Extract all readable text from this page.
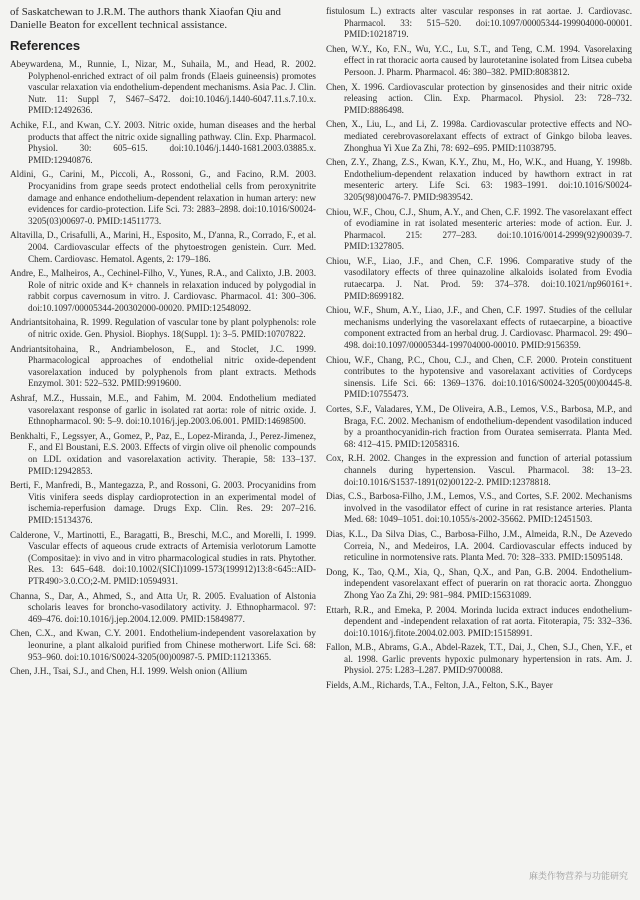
of Saskatchewan to J.R.M. The authors thank Xiaofan Qiu and Danielle Beaton for excellent technical assistance.

References

Abeywardena, M., Runnie, I., Nizar, M., Suhaila, M., and Head, R. 2002. Polyphenol-enriched extract of oil palm fronds (Elaeis guineensis) promotes vascular relaxation via endothelium-dependent mechanisms. Asia Pac. J. Clin. Nutr. 11: Suppl 7, S467–S472. doi:10.1046/j.1440-6047.11.s.7.10.x. PMID:12492636.

Achike, F.I., and Kwan, C.Y. 2003. Nitric oxide, human diseases and the herbal products that affect the nitric oxide signalling pathway. Clin. Exp. Pharmacol. Physiol. 30: 605–615. doi:10.1046/j.1440-1681.2003.03885.x. PMID:12940876.

Aldini, G., Carini, M., Piccoli, A., Rossoni, G., and Facino, R.M. 2003. Procyanidins from grape seeds protect endothelial cells from peroxynitrite damage and enhance endothelium-dependent relaxation in human artery: new evidences for cardio-protection. Life Sci. 73: 2883–2898. doi:10.1016/S0024-3205(03)00697-0. PMID:14511773.

Altavilla, D., Crisafulli, A., Marini, H., Esposito, M., D'anna, R., Corrado, F., et al. 2004. Cardiovascular effects of the phytoestrogen genistein. Curr. Med. Chem. Cardiovasc. Hematol. Agents, 2: 179–186.

Andre, E., Malheiros, A., Cechinel-Filho, V., Yunes, R.A., and Calixto, J.B. 2003. Role of nitric oxide and K+ channels in relaxation induced by polygodial in rabbit corpus cavernosum in vitro. J. Cardiovasc. Pharmacol. 41: 300–306. doi:10.1097/00005344-200302000-00020. PMID:12548092.

Andriantsitohaina, R. 1999. Regulation of vascular tone by plant polyphenols: role of nitric oxide. Gen. Physiol. Biophys. 18(Suppl. 1): 3–5. PMID:10707822.

Andriantsitohaina, R., Andriambeloson, E., and Stoclet, J.C. 1999. Pharmacological approaches of endothelial nitric oxide-dependent vasorelaxation induced by polyphenols from plant extracts. Methods Enzymol. 301: 522–532. PMID:9919600.

Ashraf, M.Z., Hussain, M.E., and Fahim, M. 2004. Endothelium mediated vasorelaxant response of garlic in isolated rat aorta: role of nitric oxide. J. Ethnopharmacol. 90: 5–9. doi:10.1016/j.jep.2003.06.001. PMID:14698500.

Benkhalti, F., Legssyer, A., Gomez, P., Paz, E., Lopez-Miranda, J., Perez-Jimenez, F., and El Boustani, E.S. 2003. Effects of virgin olive oil phenolic compounds on LDL oxidation and vasorelaxation activity. Therapie, 58: 133–137. PMID:12942853.

Berti, F., Manfredi, B., Mantegazza, P., and Rossoni, G. 2003. Procyanidins from Vitis vinifera seeds display cardioprotection in an experimental model of ischemia-reperfusion damage. Drugs Exp. Clin. Res. 29: 207–216. PMID:15134376.

Calderone, V., Martinotti, E., Baragatti, B., Breschi, M.C., and Morelli, I. 1999. Vascular effects of aqueous crude extracts of Artemisia verlotorum Lamotte (Compositae): in vivo and in vitro pharmacological studies in rats. Phytother. Res. 13: 645–648. doi:10.1002/(SICI)1099-1573(199912)13:8<645::AID-PTR490>3.0.CO;2-M. PMID:10594931.

Channa, S., Dar, A., Ahmed, S., and Atta Ur, R. 2005. Evaluation of Alstonia scholaris leaves for broncho-vasodilatory activity. J. Ethnopharmacol. 97: 469–476. doi:10.1016/j.jep.2004.12.009. PMID:15849877.

Chen, C.X., and Kwan, C.Y. 2001. Endothelium-independent vasorelaxation by leonurine, a plant alkaloid purified from Chinese motherwort. Life Sci. 68: 953–960. doi:10.1016/S0024-3205(00)00987-5. PMID:11213365.

Chen, J.H., Tsai, S.J., and Chen, H.I. 1999. Welsh onion (Allium

fistulosum L.) extracts alter vascular responses in rat aortae. J. Cardiovasc. Pharmacol. 33: 515–520. doi:10.1097/00005344-199904000-00001. PMID:10218719.

Chen, W.Y., Ko, F.N., Wu, Y.C., Lu, S.T., and Teng, C.M. 1994. Vasorelaxing effect in rat thoracic aorta caused by laurotetanine isolated from Litsea cubeba Persoon. J. Pharm. Pharmacol. 46: 380–382. PMID:8083812.

Chen, X. 1996. Cardiovascular protection by ginsenosides and their nitric oxide releasing action. Clin. Exp. Pharmacol. Physiol. 23: 728–732. PMID:8886498.

Chen, X., Liu, L., and Li, Z. 1998a. Cardiovascular protective effects and NO-mediated cerebrovasorelaxant effects of extract of Ginkgo biloba leaves. Zhonghua Yi Xue Za Zhi, 78: 692–695. PMID:11038795.

Chen, Z.Y., Zhang, Z.S., Kwan, K.Y., Zhu, M., Ho, W.K., and Huang, Y. 1998b. Endothelium-dependent relaxation induced by hawthorn extract in rat mesenteric artery. Life Sci. 63: 1983–1991. doi:10.1016/S0024-3205(98)00476-7. PMID:9839542.

Chiou, W.F., Chou, C.J., Shum, A.Y., and Chen, C.F. 1992. The vasorelaxant effect of evodiamine in rat isolated mesenteric arteries: mode of action. Eur. J. Pharmacol. 215: 277–283. doi:10.1016/0014-2999(92)90039-7. PMID:1327805.

Chiou, W.F., Liao, J.F., and Chen, C.F. 1996. Comparative study of the vasodilatory effects of three quinazoline alkaloids isolated from Evodia rutaecarpa. J. Nat. Prod. 59: 374–378. doi:10.1021/np960161+. PMID:8699182.

Chiou, W.F., Shum, A.Y., Liao, J.F., and Chen, C.F. 1997. Studies of the cellular mechanisms underlying the vasorelaxant effects of rutaecarpine, a bioactive component extracted from an herbal drug. J. Cardiovasc. Pharmacol. 29: 490–498. doi:10.1097/00005344-199704000-00010. PMID:9156359.

Chiou, W.F., Chang, P.C., Chou, C.J., and Chen, C.F. 2000. Protein constituent contributes to the hypotensive and vasorelaxant activities of Cordyceps sinensis. Life Sci. 66: 1369–1376. doi:10.1016/S0024-3205(00)00445-8. PMID:10755473.

Cortes, S.F., Valadares, Y.M., De Oliveira, A.B., Lemos, V.S., Barbosa, M.P., and Braga, F.C. 2002. Mechanism of endothelium-dependent vasodilation induced by a proanthocyanidin-rich fraction from Ouratea semiserrata. Planta Med. 68: 412–415. PMID:12058316.

Cox, R.H. 2002. Changes in the expression and function of arterial potassium channels during hypertension. Vascul. Pharmacol. 38: 13–23. doi:10.1016/S1537-1891(02)00122-2. PMID:12378818.

Dias, C.S., Barbosa-Filho, J.M., Lemos, V.S., and Cortes, S.F. 2002. Mechanisms involved in the vasodilator effect of curine in rat resistance arteries. Planta Med. 68: 1049–1051. doi:10.1055/s-2002-35662. PMID:12451503.

Dias, K.L., Da Silva Dias, C., Barbosa-Filho, J.M., Almeida, R.N., De Azevedo Correia, N., and Medeiros, I.A. 2004. Cardiovascular effects induced by reticuline in normotensive rats. Planta Med. 70: 328–333. PMID:15095148.

Dong, K., Tao, Q.M., Xia, Q., Shan, Q.X., and Pan, G.B. 2004. Endothelium-independent vasorelaxant effect of puerarin on rat thoracic aorta. Zhongguo Zhong Yao Za Zhi, 29: 981–984. PMID:15631089.

Ettarh, R.R., and Emeka, P. 2004. Morinda lucida extract induces endothelium-dependent and -independent relaxation of rat aorta. Fitoterapia, 75: 332–336. doi:10.1016/j.fitote.2004.02.003. PMID:15158991.

Fallon, M.B., Abrams, G.A., Abdel-Razek, T.T., Dai, J., Chen, S.J., Chen, Y.F., et al. 1998. Garlic prevents hypoxic pulmonary hypertension in rats. Am. J. Physiol. 275: L283–L287. PMID:9700088.

Fields, A.M., Richards, T.A., Felton, J.A., Felton, S.K., Bayer

麻类作物营养与功能研究
